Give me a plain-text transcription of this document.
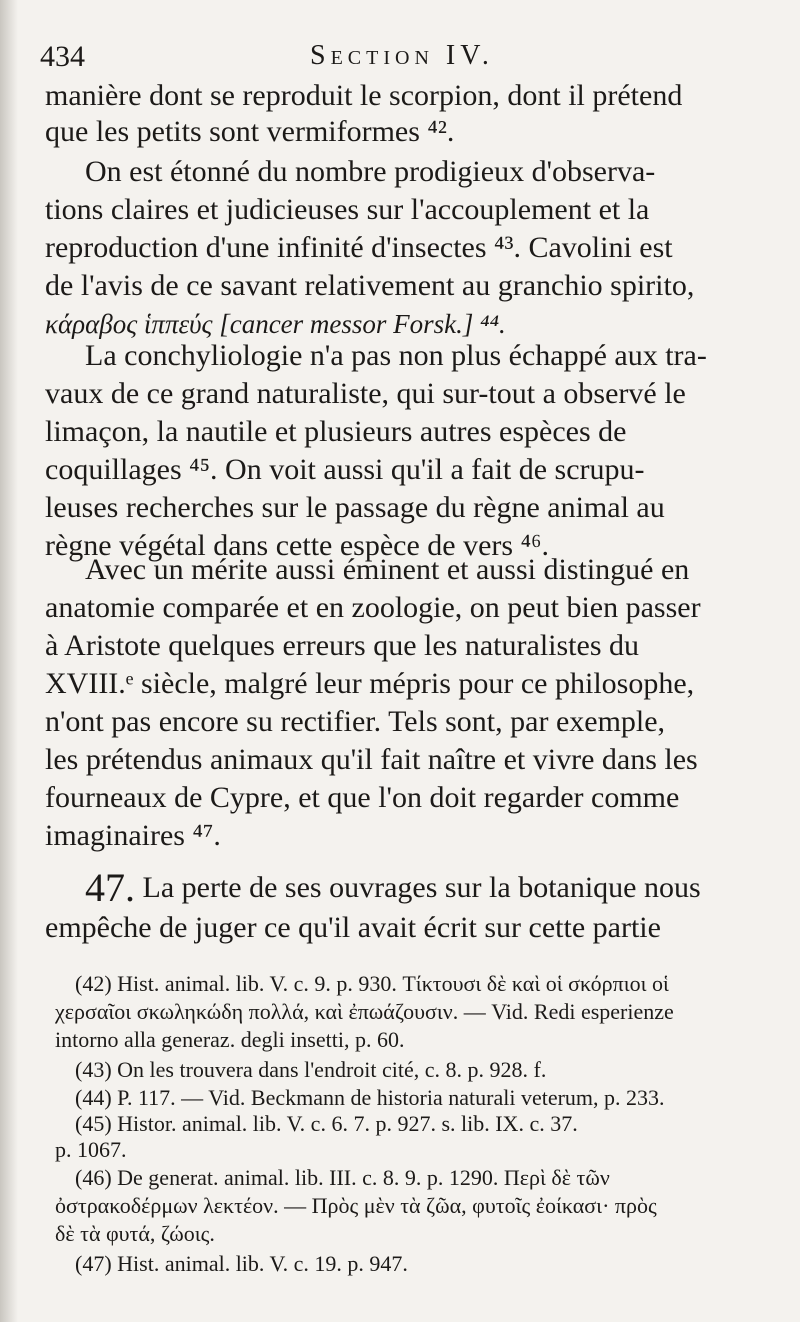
434	Section IV.
manière dont se reproduit le scorpion, dont il prétend
que les petits sont vermiformes ⁴².
On est étonné du nombre prodigieux d'observa-
tions claires et judicieuses sur l'accouplement et la
reproduction d'une infinité d'insectes ⁴³. Cavolini est
de l'avis de ce savant relativement au granchio spirito,
κάραβος ἱππεύς [cancer messor Forsk.] ⁴⁴.
La conchyliologie n'a pas non plus échappé aux tra-
vaux de ce grand naturaliste, qui sur-tout a observé le
limaçon, la nautile et plusieurs autres espèces de
coquillages ⁴⁵. On voit aussi qu'il a fait de scrupu-
leuses recherches sur le passage du règne animal au
règne végétal dans cette espèce de vers ⁴⁶.
Avec un mérite aussi éminent et aussi distingué en
anatomie comparée et en zoologie, on peut bien passer
à Aristote quelques erreurs que les naturalistes du
XVIII.ᵉ siècle, malgré leur mépris pour ce philosophe,
n'ont pas encore su rectifier. Tels sont, par exemple,
les prétendus animaux qu'il fait naître et vivre dans les
fourneaux de Cypre, et que l'on doit regarder comme
imaginaires ⁴⁷.
47. La perte de ses ouvrages sur la botanique nous
empêche de juger ce qu'il avait écrit sur cette partie
(42) Hist. animal. lib. V. c. 9. p. 930. Τίκτουσι δὲ καὶ οἱ σκόρπιοι οἱ
χερσαῖοι σκωληκώδη πολλά, καὶ ἐπωάζουσιν. — Vid. Redi esperienze
intorno alla generaz. degli insetti, p. 60.
(43) On les trouvera dans l'endroit cité, c. 8. p. 928. f.
(44) P. 117. — Vid. Beckmann de historia naturali veterum, p. 233.
(45) Histor. animal. lib. V. c. 6. 7. p. 927. s. lib. IX. c. 37.
p. 1067.
(46) De generat. animal. lib. III. c. 8. 9. p. 1290. Περὶ δὲ τῶν
ὀστρακοδέρμων λεκτέον. — Πρὸς μὲν τὰ ζῶα, φυτοῖς ἐοίκασι· πρὸς
δὲ τὰ φυτά, ζώοις.
(47) Hist. animal. lib. V. c. 19. p. 947.
